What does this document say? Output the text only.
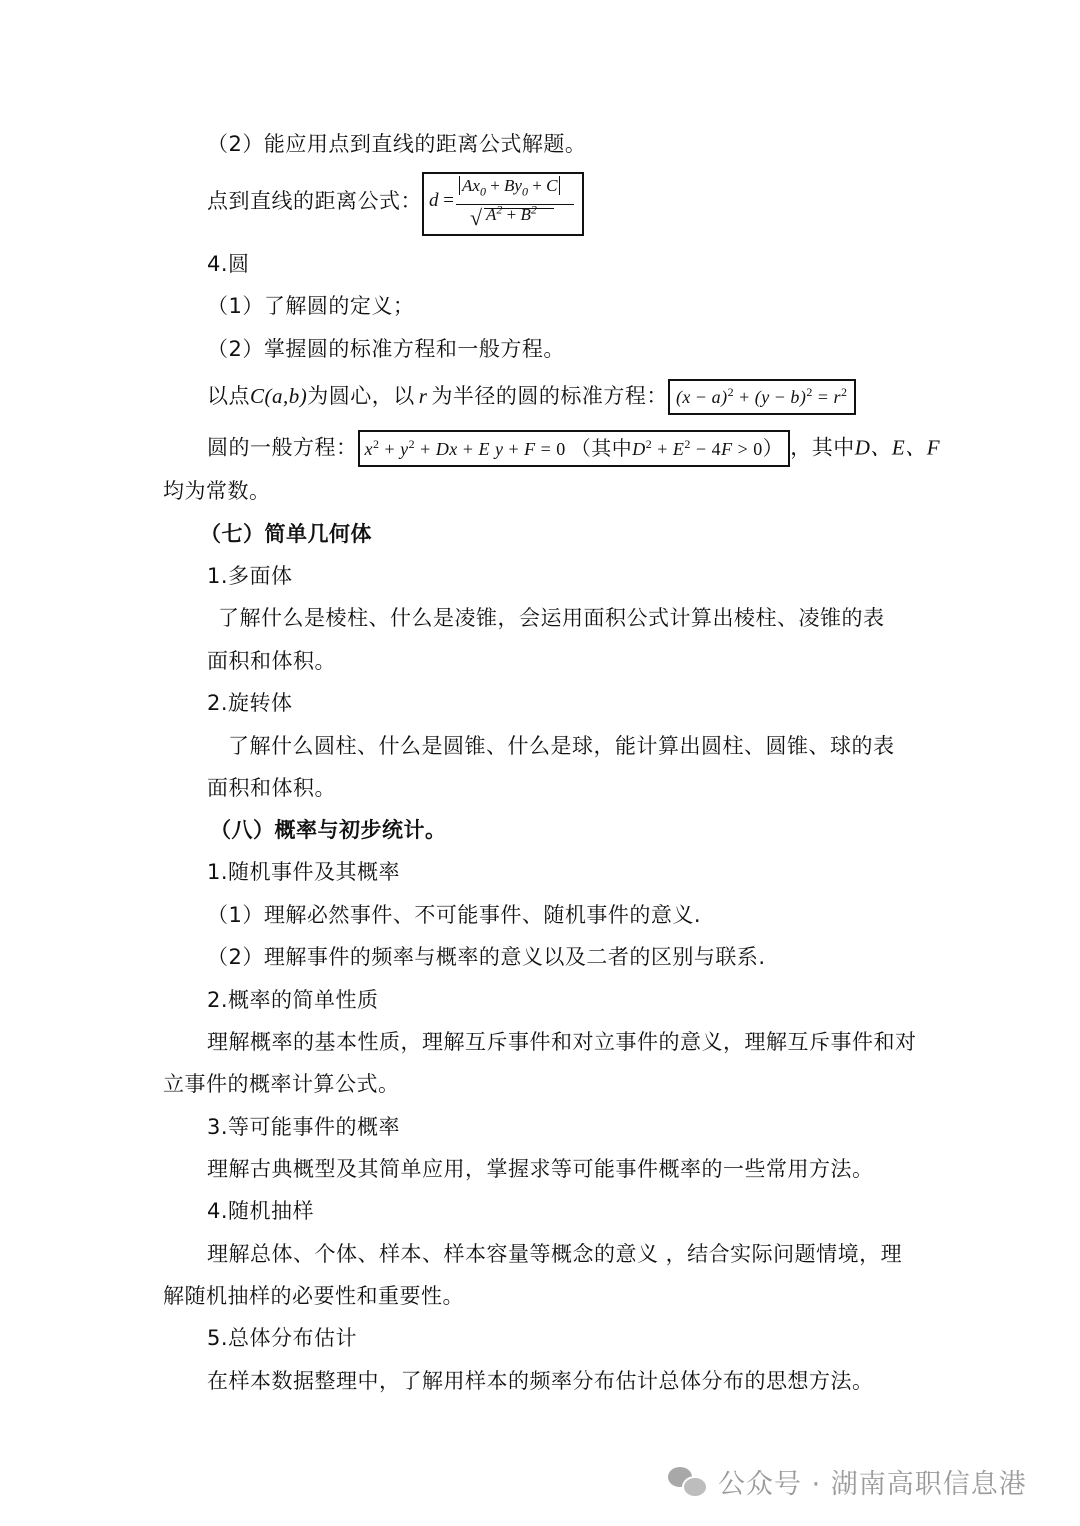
（2）能应用点到直线的距离公式解题。
点到直线的距离公式： d =
$Ax_0 + By_0 + C$
√ $A^2 + B^2$
4.圆
（1）了解圆的定义；
（2）掌握圆的标准方程和一般方程。
以点C(a,b)为圆心，以 r 为半径的圆的标准方程： $(x - a)^2 + (y - b)^2 = r^2$
圆的一般方程： $x^2 + y^2 + Dx + E$ y + F = 0 （其中$D^2 + E^2 - 4F > 0$） ，其中D、E、F
均为常数。
（七）简单几何体
1.多面体
了解什么是棱柱、什么是凌锥，会运用面积公式计算出棱柱、凌锥的表
面积和体积。
2.旋转体
了解什么圆柱、什么是圆锥、什么是球，能计算出圆柱、圆锥、球的表
面积和体积。
（八）概率与初步统计。
1.随机事件及其概率
（1）理解必然事件、不可能事件、随机事件的意义.
（2）理解事件的频率与概率的意义以及二者的区别与联系.
2.概率的简单性质
理解概率的基本性质，理解互斥事件和对立事件的意义，理解互斥事件和对
立事件的概率计算公式。
3.等可能事件的概率
理解古典概型及其简单应用，掌握求等可能事件概率的一些常用方法。
4.随机抽样
理解总体、个体、样本、样本容量等概念的意义 ，结合实际问题情境，理
解随机抽样的必要性和重要性。
5.总体分布估计
在样本数据整理中，了解用样本的频率分布估计总体分布的思想方法。
公众号 · 湖南高职信息港
